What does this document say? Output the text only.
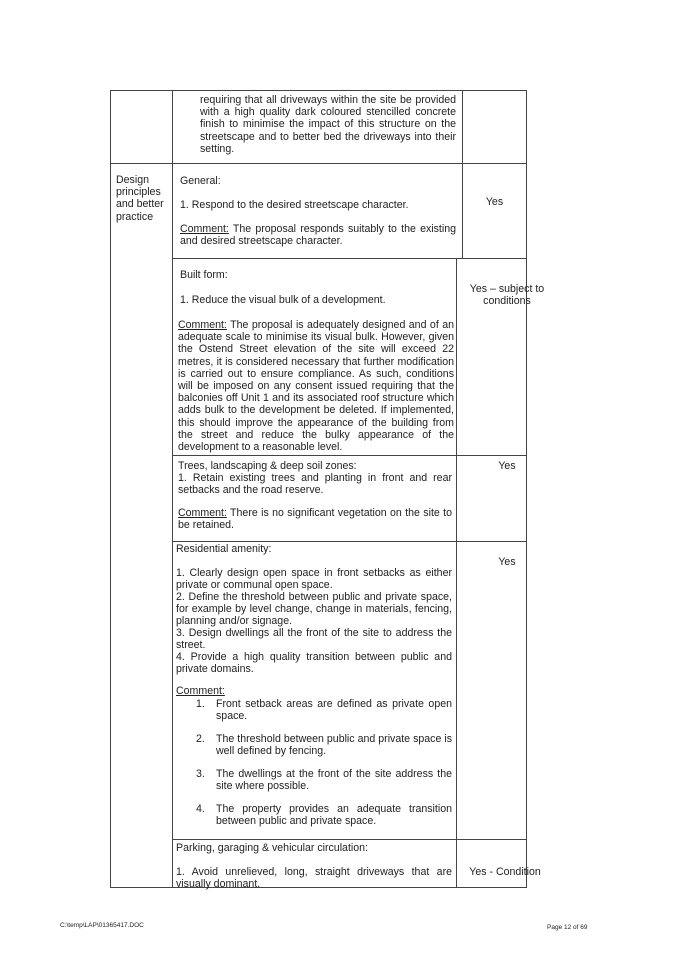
requiring that all driveways within the site be provided with a high quality dark coloured stencilled concrete finish to minimise the impact of this structure on the streetscape and to better bed the driveways into their setting.
Design principles and better practice
General:
1. Respond to the desired streetscape character.
Comment: The proposal responds suitably to the existing and desired streetscape character.
Yes
Built form:
1. Reduce the visual bulk of a development.
Comment: The proposal is adequately designed and of an adequate scale to minimise its visual bulk. However, given the Ostend Street elevation of the site will exceed 22 metres, it is considered necessary that further modification is carried out to ensure compliance. As such, conditions will be imposed on any consent issued requiring that the balconies off Unit 1 and its associated roof structure which adds bulk to the development be deleted. If implemented, this should improve the appearance of the building from the street and reduce the bulky appearance of the development to a reasonable level.
Yes – subject to conditions
Trees, landscaping & deep soil zones:
1. Retain existing trees and planting in front and rear setbacks and the road reserve.
Comment: There is no significant vegetation on the site to be retained.
Yes
Residential amenity:
1. Clearly design open space in front setbacks as either private or communal open space.
2. Define the threshold between public and private space, for example by level change, change in materials, fencing, planning and/or signage.
3. Design dwellings all the front of the site to address the street.
4. Provide a high quality transition between public and private domains.
Comment:
1. Front setback areas are defined as private open space.
2. The threshold between public and private space is well defined by fencing.
3. The dwellings at the front of the site address the site where possible.
4. The property provides an adequate transition between public and private space.
Yes
Parking, garaging & vehicular circulation:
1. Avoid unrelieved, long, straight driveways that are visually dominant.
Yes - Condition
C:\temp\LAP\01365417.DOC	Page 12 of 69
